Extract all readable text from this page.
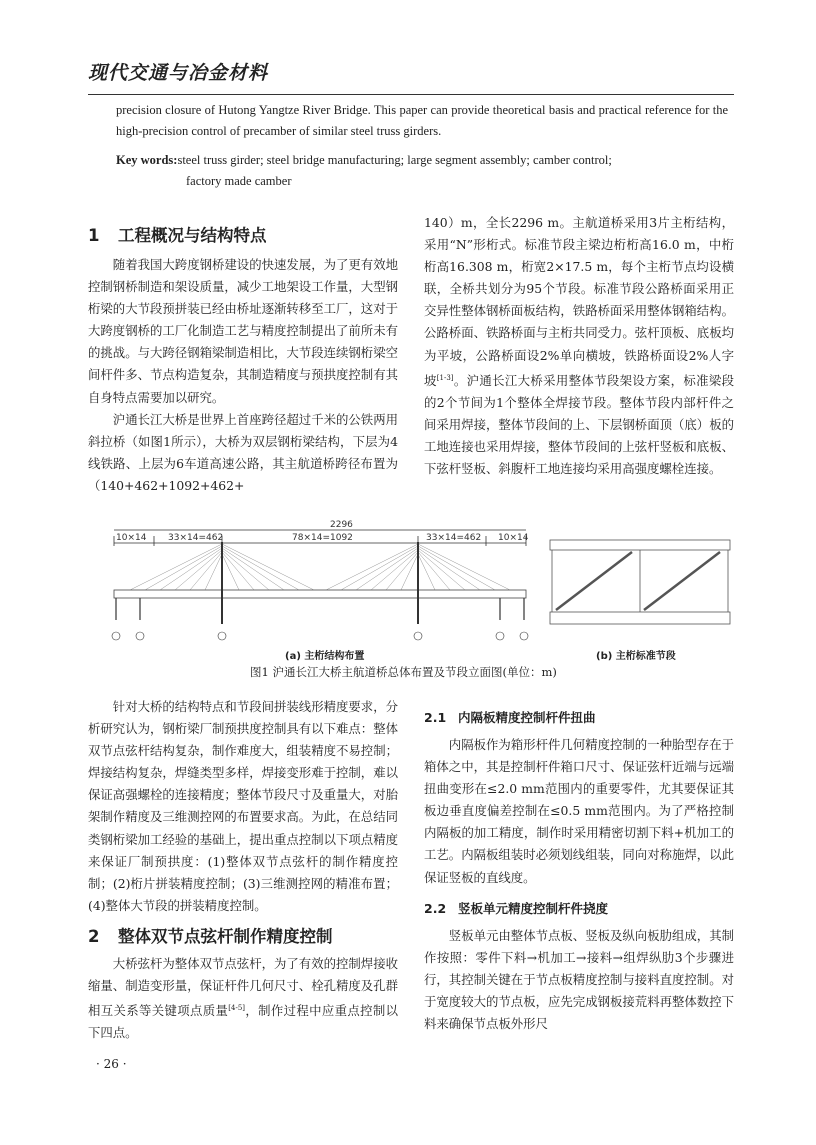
现代交通与冶金材料
precision closure of Hutong Yangtze River Bridge. This paper can provide theoretical basis and practical reference for the high-precision control of precamber of similar steel truss girders.
Key words:steel truss girder; steel bridge manufacturing; large segment assembly; camber control;
factory made camber
1 工程概况与结构特点

随着我国大跨度钢桥建设的快速发展，为了更有效地控制钢桥制造和架设质量，减少工地架设工作量，大型钢桁梁的大节段预拼装已经由桥址逐渐转移至工厂，这对于大跨度钢桥的工厂化制造工艺与精度控制提出了前所未有的挑战。与大跨径钢箱梁制造相比，大节段连续钢桁梁空间杆件多、节点构造复杂，其制造精度与预拱度控制有其自身特点需要加以研究。

沪通长江大桥是世界上首座跨径超过千米的公铁两用斜拉桥（如图1所示），大桥为双层钢桁梁结构，下层为4线铁路、上层为6车道高速公路，其主航道桥跨径布置为（140+462+1092+462+

140）m，全长2296 m。主航道桥采用3片主桁结构，采用“N”形桁式。标准节段主梁边桁桁高16.0 m，中桁桁高16.308 m，桁宽2×17.5 m，每个主桁节点均设横联，全桥共划分为95个节段。标准节段公路桥面采用正交异性整体钢桥面板结构，铁路桥面采用整体钢箱结构。公路桥面、铁路桥面与主桁共同受力。弦杆顶板、底板均为平坡，公路桥面设2%单向横坡，铁路桥面设2%人字坡[1-3]。沪通长江大桥采用整体节段架设方案，标准梁段的2个节间为1个整体全焊接节段。整体节段内部杆件之间采用焊接，整体节段间的上、下层钢桥面顶（底）板的工地连接也采用焊接，整体节段间的上弦杆竖板和底板、下弦杆竖板、斜腹杆工地连接均采用高强度螺栓连接。

2296
10×14 33×14=462	78×14=1092	33×14=462 10×14
(a) 主桁结构布置	(b) 主桁标准节段
图1 沪通长江大桥主航道桥总体布置及节段立面图(单位：m)

针对大桥的结构特点和节段间拼装线形精度要求，分析研究认为，钢桁梁厂制预拱度控制具有以下难点：整体双节点弦杆结构复杂，制作难度大，组装精度不易控制；焊接结构复杂，焊缝类型多样，焊接变形难于控制，难以保证高强螺栓的连接精度；整体节段尺寸及重量大，对胎架制作精度及三维测控网的布置要求高。为此，在总结同类钢桁梁加工经验的基础上，提出重点控制以下项点精度来保证厂制预拱度：(1)整体双节点弦杆的制作精度控制；(2)桁片拼装精度控制；(3)三维测控网的精准布置；(4)整体大节段的拼装精度控制。

2 整体双节点弦杆制作精度控制

大桥弦杆为整体双节点弦杆，为了有效的控制焊接收缩量、制造变形量，保证杆件几何尺寸、栓孔精度及孔群相互关系等关键项点质量[4-5]，制作过程中应重点控制以下四点。

2.1 内隔板精度控制杆件扭曲

内隔板作为箱形杆件几何精度控制的一种胎型存在于箱体之中，其是控制杆件箱口尺寸、保证弦杆近端与远端扭曲变形在≤2.0 mm范围内的重要零件，尤其要保证其板边垂直度偏差控制在≤0.5 mm范围内。为了严格控制内隔板的加工精度，制作时采用精密切割下料+机加工的工艺。内隔板组装时必须划线组装，同向对称施焊，以此保证竖板的直线度。

2.2 竖板单元精度控制杆件挠度

竖板单元由整体节点板、竖板及纵向板肋组成，其制作按照：零件下料→机加工→接料→组焊纵肋3个步骤进行，其控制关键在于节点板精度控制与接料直度控制。对于宽度较大的节点板，应先完成钢板接荒料再整体数控下料来确保节点板外形尺

· 26 ·
